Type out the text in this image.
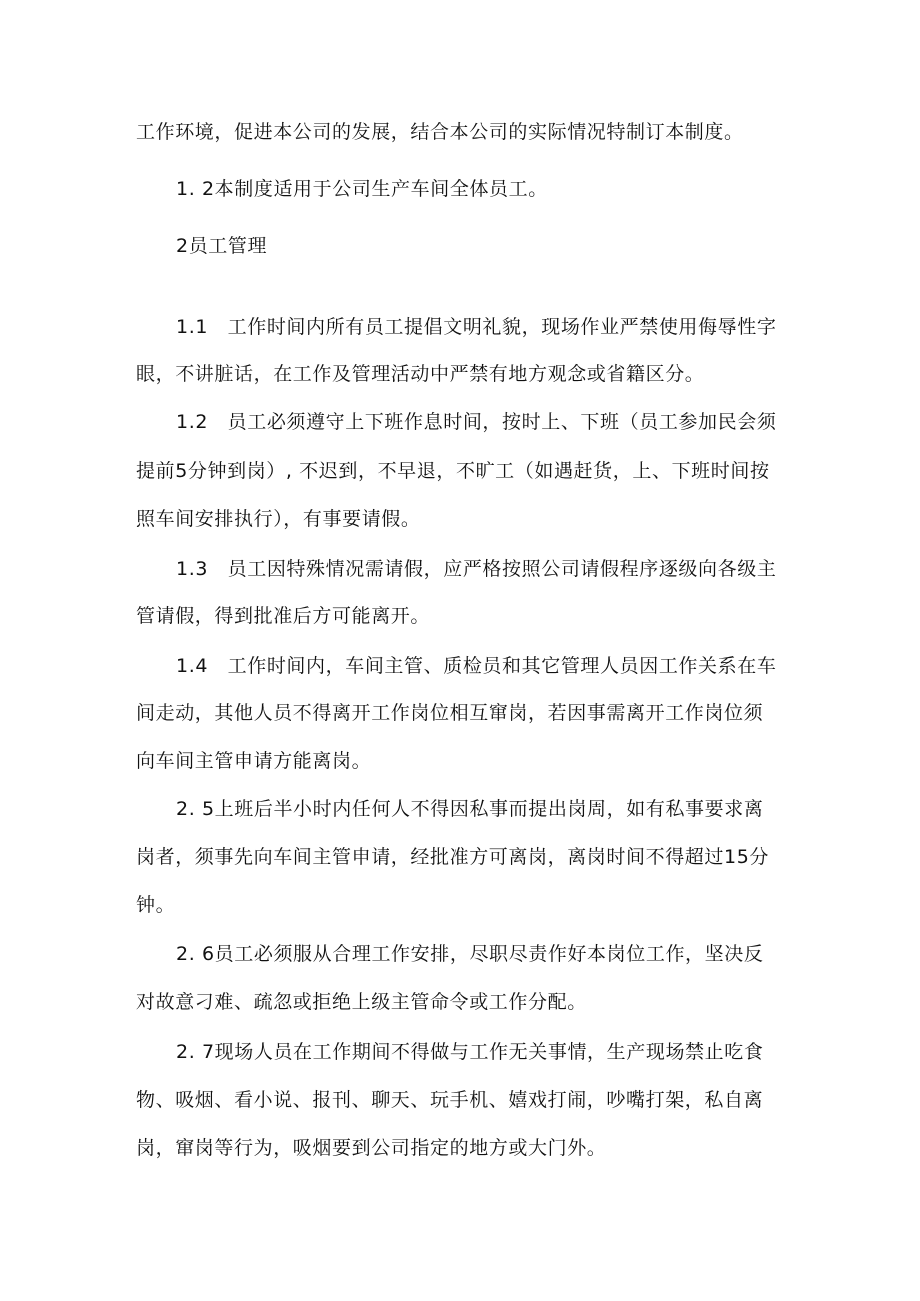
工作环境，促进本公司的发展，结合本公司的实际情况特制订本制度。
1. 2本制度适用于公司生产车间全体员工。
2员工管理
1.1　工作时间内所有员工提倡文明礼貌，现场作业严禁使用侮辱性字
眼，不讲脏话，在工作及管理活动中严禁有地方观念或省籍区分。
1.2　员工必须遵守上下班作息时间，按时上、下班（员工参加民会须
提前5分钟到岗）, 不迟到，不早退，不旷工（如遇赶货，上、下班时间按
照车间安排执行），有事要请假。
1.3　员工因特殊情况需请假，应严格按照公司请假程序逐级向各级主
管请假，得到批准后方可能离开。
1.4　工作时间内，车间主管、质检员和其它管理人员因工作关系在车
间走动，其他人员不得离开工作岗位相互窜岗，若因事需离开工作岗位须
向车间主管申请方能离岗。
2. 5上班后半小时内任何人不得因私事而提出岗周，如有私事要求离
岗者，须事先向车间主管申请，经批准方可离岗，离岗时间不得超过15分
钟。
2. 6员工必须服从合理工作安排，尽职尽责作好本岗位工作，坚决反
对故意刁难、疏忽或拒绝上级主管命令或工作分配。
2. 7现场人员在工作期间不得做与工作无关事情，生产现场禁止吃食
物、吸烟、看小说、报刊、聊天、玩手机、嬉戏打闹，吵嘴打架，私自离
岗，窜岗等行为，吸烟要到公司指定的地方或大门外。
